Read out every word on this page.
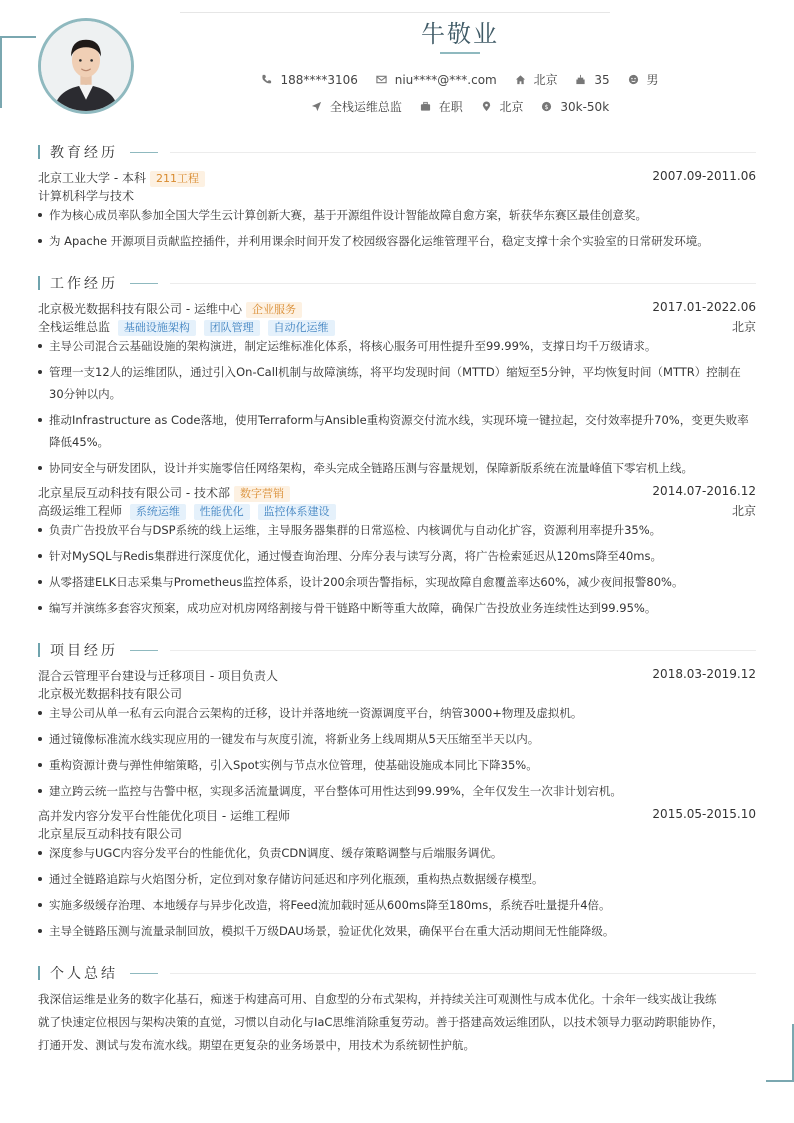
牛敬业
188****3106
	niu****@***.com
	北京
	35
	男
全栈运维总监
	在职
	北京
	$ 30k-50k
教育经历
北京工业大学 - 本科 211工程	2007.09-2011.06
计算机科学与技术
作为核心成员率队参加全国大学生云计算创新大赛，基于开源组件设计智能故障自愈方案，斩获华东赛区最佳创意奖。
为 Apache 开源项目贡献监控插件，并利用课余时间开发了校园级容器化运维管理平台，稳定支撑十余个实验室的日常研发环境。
工作经历
北京极光数据科技有限公司 - 运维中心 企业服务	2017.01-2022.06
全栈运维总监 基础设施架构 团队管理 自动化运维	北京
主导公司混合云基础设施的架构演进，制定运维标准化体系，将核心服务可用性提升至99.99%，支撑日均千万级请求。
管理一支12人的运维团队，通过引入On-Call机制与故障演练，将平均发现时间（MTTD）缩短至5分钟，平均恢复时间（MTTR）控制在
30分钟以内。
推动Infrastructure as Code落地，使用Terraform与Ansible重构资源交付流水线，实现环境一键拉起，交付效率提升70%，变更失败率
降低45%。
协同安全与研发团队，设计并实施零信任网络架构，牵头完成全链路压测与容量规划，保障新版系统在流量峰值下零宕机上线。
北京星辰互动科技有限公司 - 技术部 数字营销	2014.07-2016.12
高级运维工程师 系统运维 性能优化 监控体系建设	北京
负责广告投放平台与DSP系统的线上运维，主导服务器集群的日常巡检、内核调优与自动化扩容，资源利用率提升35%。
针对MySQL与Redis集群进行深度优化，通过慢查询治理、分库分表与读写分离，将广告检索延迟从120ms降至40ms。
从零搭建ELK日志采集与Prometheus监控体系，设计200余项告警指标，实现故障自愈覆盖率达60%，减少夜间报警80%。
编写并演练多套容灾预案，成功应对机房网络割接与骨干链路中断等重大故障，确保广告投放业务连续性达到99.95%。
项目经历
混合云管理平台建设与迁移项目 - 项目负责人	2018.03-2019.12
北京极光数据科技有限公司
主导公司从单一私有云向混合云架构的迁移，设计并落地统一资源调度平台，纳管3000+物理及虚拟机。
通过镜像标准流水线实现应用的一键发布与灰度引流，将新业务上线周期从5天压缩至半天以内。
重构资源计费与弹性伸缩策略，引入Spot实例与节点水位管理，使基础设施成本同比下降35%。
建立跨云统一监控与告警中枢，实现多活流量调度，平台整体可用性达到99.99%，全年仅发生一次非计划宕机。
高并发内容分发平台性能优化项目 - 运维工程师	2015.05-2015.10
北京星辰互动科技有限公司
深度参与UGC内容分发平台的性能优化，负责CDN调度、缓存策略调整与后端服务调优。
通过全链路追踪与火焰图分析，定位到对象存储访问延迟和序列化瓶颈，重构热点数据缓存模型。
实施多级缓存治理、本地缓存与异步化改造，将Feed流加载时延从600ms降至180ms，系统吞吐量提升4倍。
主导全链路压测与流量录制回放，模拟千万级DAU场景，验证优化效果，确保平台在重大活动期间无性能降级。
个人总结
我深信运维是业务的数字化基石，痴迷于构建高可用、自愈型的分布式架构，并持续关注可观测性与成本优化。十余年一线实战让我练
就了快速定位根因与架构决策的直觉，习惯以自动化与IaC思维消除重复劳动。善于搭建高效运维团队，以技术领导力驱动跨职能协作，
打通开发、测试与发布流水线。期望在更复杂的业务场景中，用技术为系统韧性护航。
